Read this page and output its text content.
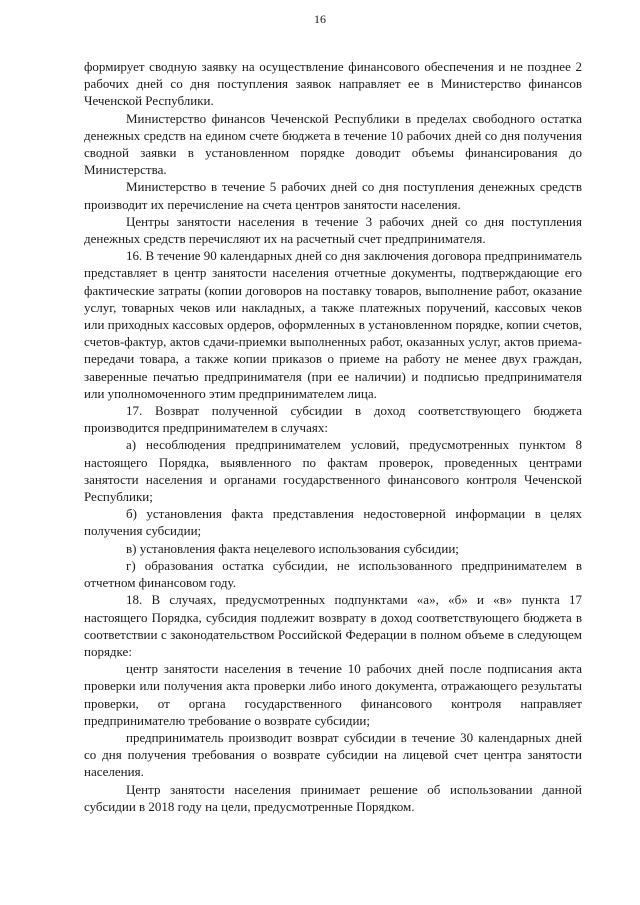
16

формирует сводную заявку на осуществление финансового обеспечения и не позднее 2 рабочих дней со дня поступления заявок направляет ее в Министерство финансов Чеченской Республики.

Министерство финансов Чеченской Республики в пределах свободного остатка денежных средств на едином счете бюджета в течение 10 рабочих дней со дня получения сводной заявки в установленном порядке доводит объемы финансирования до Министерства.

Министерство в течение 5 рабочих дней со дня поступления денежных средств производит их перечисление на счета центров занятости населения.

Центры занятости населения в течение 3 рабочих дней со дня поступления денежных средств перечисляют их на расчетный счет предпринимателя.

16. В течение 90 календарных дней со дня заключения договора предприниматель представляет в центр занятости населения отчетные документы, подтверждающие его фактические затраты (копии договоров на поставку товаров, выполнение работ, оказание услуг, товарных чеков или накладных, а также платежных поручений, кассовых чеков или приходных кассовых ордеров, оформленных в установленном порядке, копии счетов, счетов-фактур, актов сдачи-приемки выполненных работ, оказанных услуг, актов приема-передачи товара, а также копии приказов о приеме на работу не менее двух граждан, заверенные печатью предпринимателя (при ее наличии) и подписью предпринимателя или уполномоченного этим предпринимателем лица.

17. Возврат полученной субсидии в доход соответствующего бюджета производится предпринимателем в случаях:

а) несоблюдения предпринимателем условий, предусмотренных пунктом 8 настоящего Порядка, выявленного по фактам проверок, проведенных центрами занятости населения и органами государственного финансового контроля Чеченской Республики;

б) установления факта представления недостоверной информации в целях получения субсидии;

в) установления факта нецелевого использования субсидии;

г) образования остатка субсидии, не использованного предпринимателем в отчетном финансовом году.

18. В случаях, предусмотренных подпунктами «а», «б» и «в» пункта 17 настоящего Порядка, субсидия подлежит возврату в доход соответствующего бюджета в соответствии с законодательством Российской Федерации в полном объеме в следующем порядке:

центр занятости населения в течение 10 рабочих дней после подписания акта проверки или получения акта проверки либо иного документа, отражающего результаты проверки, от органа государственного финансового контроля направляет предпринимателю требование о возврате субсидии;

предприниматель производит возврат субсидии в течение 30 календарных дней со дня получения требования о возврате субсидии на лицевой счет центра занятости населения.

Центр занятости населения принимает решение об использовании данной субсидии в 2018 году на цели, предусмотренные Порядком.
